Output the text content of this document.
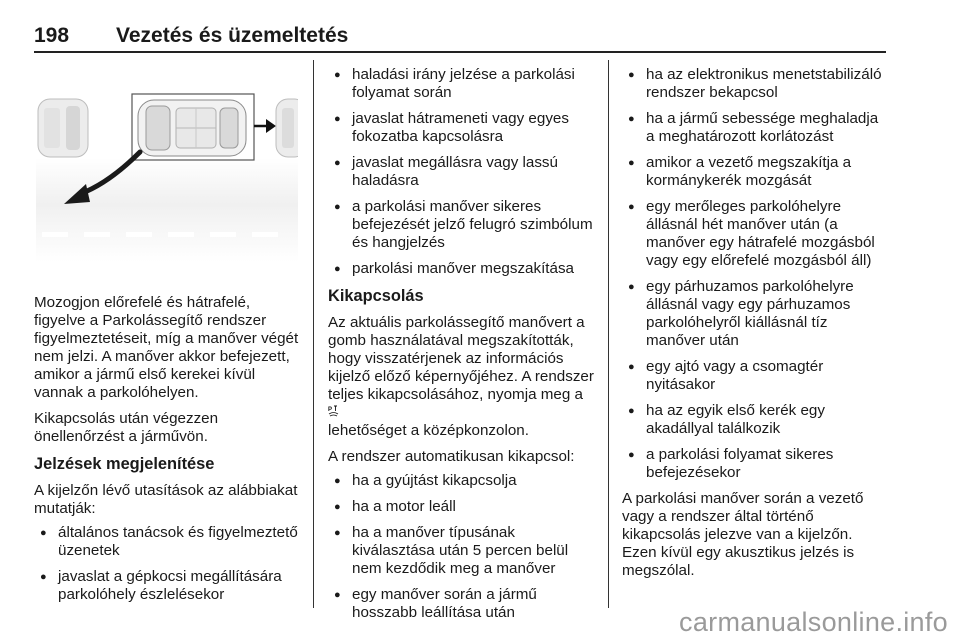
198 Vezetés és üzemeltetés

Mozogjon előrefelé és hátrafelé, figyelve a Parkolássegítő rendszer figyelmeztetéseit, míg a manőver végét nem jelzi. A manőver akkor befejezett, amikor a jármű első kerekei kívül vannak a parkolóhelyen.

Kikapcsolás után végezzen önellenőrzést a járművön.

Jelzések megjelenítése

A kijelzőn lévő utasítások az alábbiakat mutatják:

● általános tanácsok és figyelmeztető üzenetek
● javaslat a gépkocsi megállítására parkolóhely észlelésekor
● haladási irány jelzése a parkolási folyamat során
● javaslat hátrameneti vagy egyes fokozatba kapcsolásra
● javaslat megállásra vagy lassú haladásra
● a parkolási manőver sikeres befejezését jelző felugró szimbólum és hangjelzés
● parkolási manőver megszakítása
Kikapcsolás

Az aktuális parkolássegítő manővert a gomb használatával megszakították, hogy visszatérjenek az információs kijelző előző képernyőjéhez. A rendszer teljes kikapcsolásához, nyomja meg a
P

lehetőséget a középkonzolon.

A rendszer automatikusan kikapcsol:

● ha a gyújtást kikapcsolja
● ha a motor leáll
● ha a manőver típusának kiválasztása után 5 percen belül nem kezdődik meg a manőver
● egy manőver során a jármű hosszabb leállítása után
● ha az elektronikus menetstabilizáló rendszer bekapcsol
● ha a jármű sebessége meghaladja a meghatározott korlátozást
● amikor a vezető megszakítja a kormánykerék mozgását
● egy merőleges parkolóhelyre állásnál hét manőver után (a manőver egy hátrafelé mozgásból vagy egy előrefelé mozgásból áll)
● egy párhuzamos parkolóhelyre állásnál vagy egy párhuzamos parkolóhelyről kiállásnál tíz manőver után
● egy ajtó vagy a csomagtér nyitásakor
● ha az egyik első kerék egy akadállyal találkozik
● a parkolási folyamat sikeres befejezésekor

A parkolási manőver során a vezető vagy a rendszer által történő kikapcsolás jelezve van a kijelzőn. Ezen kívül egy akusztikus jelzés is megszólal.

carmanualsonline.info
